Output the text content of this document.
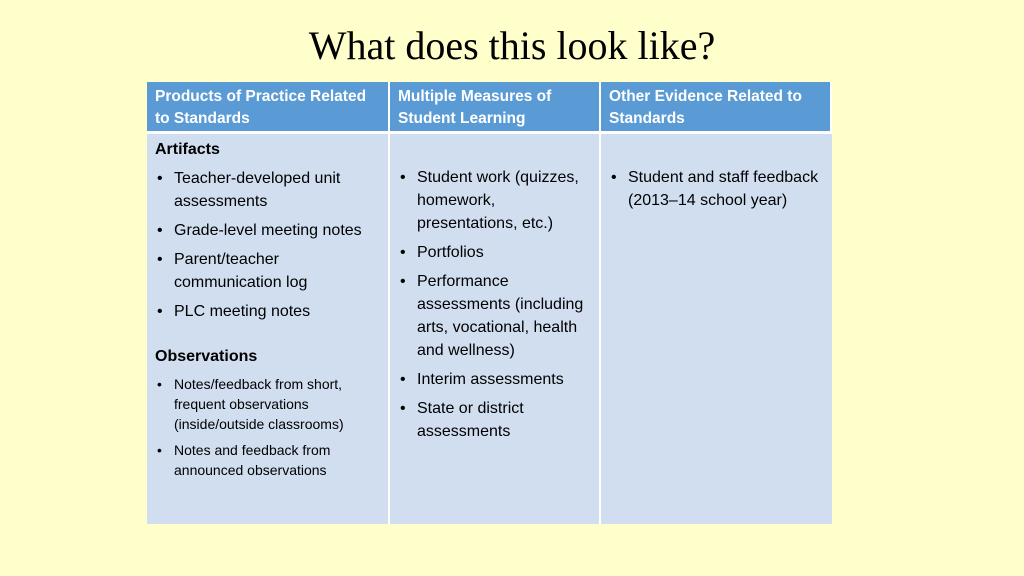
What does this look like?
Products of Practice Related to Standards
Multiple Measures of Student Learning
Other Evidence Related to Standards

Artifacts

• Teacher-developed unit assessments
• Grade-level meeting notes
• Parent/teacher communication log
• PLC meeting notes

Observations

• Notes/feedback from short, frequent observations (inside/outside classrooms)
• Notes and feedback from announced observations
• Student work (quizzes, homework, presentations, etc.)
• Portfolios
• Performance assessments (including arts, vocational, health and wellness)
• Interim assessments
• State or district assessments
• Student and staff feedback (2013–14 school year)
